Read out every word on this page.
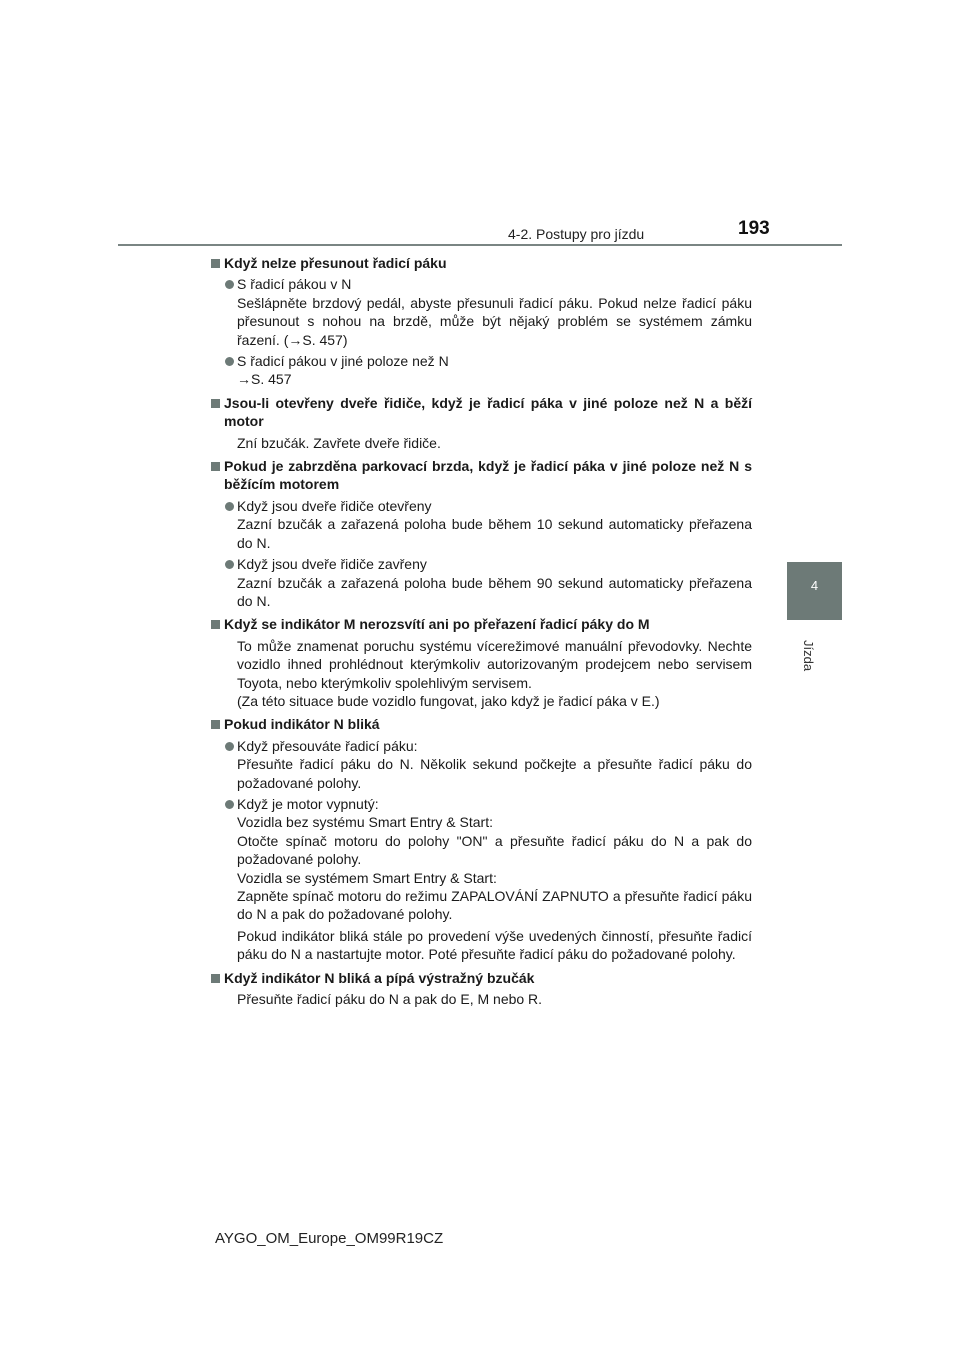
4-2. Postupy pro jízdu	193
4
Jízda
Když nelze přesunout řadicí páku
S řadicí pákou v N
Sešlápněte brzdový pedál, abyste přesunuli řadicí páku. Pokud nelze řadicí páku přesunout s nohou na brzdě, může být nějaký problém se systémem zámku řazení. (→S. 457)
S řadicí pákou v jiné poloze než N
→S. 457
Jsou-li otevřeny dveře řidiče, když je řadicí páka v jiné poloze než N a běží motor
Zní bzučák. Zavřete dveře řidiče.
Pokud je zabrzděna parkovací brzda, když je řadicí páka v jiné poloze než N s běžícím motorem
Když jsou dveře řidiče otevřeny
Zazní bzučák a zařazená poloha bude během 10 sekund automaticky přeřazena do N.
Když jsou dveře řidiče zavřeny
Zazní bzučák a zařazená poloha bude během 90 sekund automaticky přeřazena do N.
Když se indikátor M nerozsvítí ani po přeřazení řadicí páky do M
To může znamenat poruchu systému vícerežimové manuální převodovky. Nechte vozidlo ihned prohlédnout kterýmkoliv autorizovaným prodejcem nebo servisem Toyota, nebo kterýmkoliv spolehlivým servisem.
(Za této situace bude vozidlo fungovat, jako když je řadicí páka v E.)
Pokud indikátor N bliká
Když přesouváte řadicí páku:
Přesuňte řadicí páku do N. Několik sekund počkejte a přesuňte řadicí páku do požadované polohy.
Když je motor vypnutý:
Vozidla bez systému Smart Entry & Start:
Otočte spínač motoru do polohy "ON" a přesuňte řadicí páku do N a pak do požadované polohy.
Vozidla se systémem Smart Entry & Start:
Zapněte spínač motoru do režimu ZAPALOVÁNÍ ZAPNUTO a přesuňte řadicí páku do N a pak do požadované polohy.
Pokud indikátor bliká stále po provedení výše uvedených činností, přesuňte řadicí páku do N a nastartujte motor. Poté přesuňte řadicí páku do požadované polohy.
Když indikátor N bliká a pípá výstražný bzučák
Přesuňte řadicí páku do N a pak do E, M nebo R.
AYGO_OM_Europe_OM99R19CZ
